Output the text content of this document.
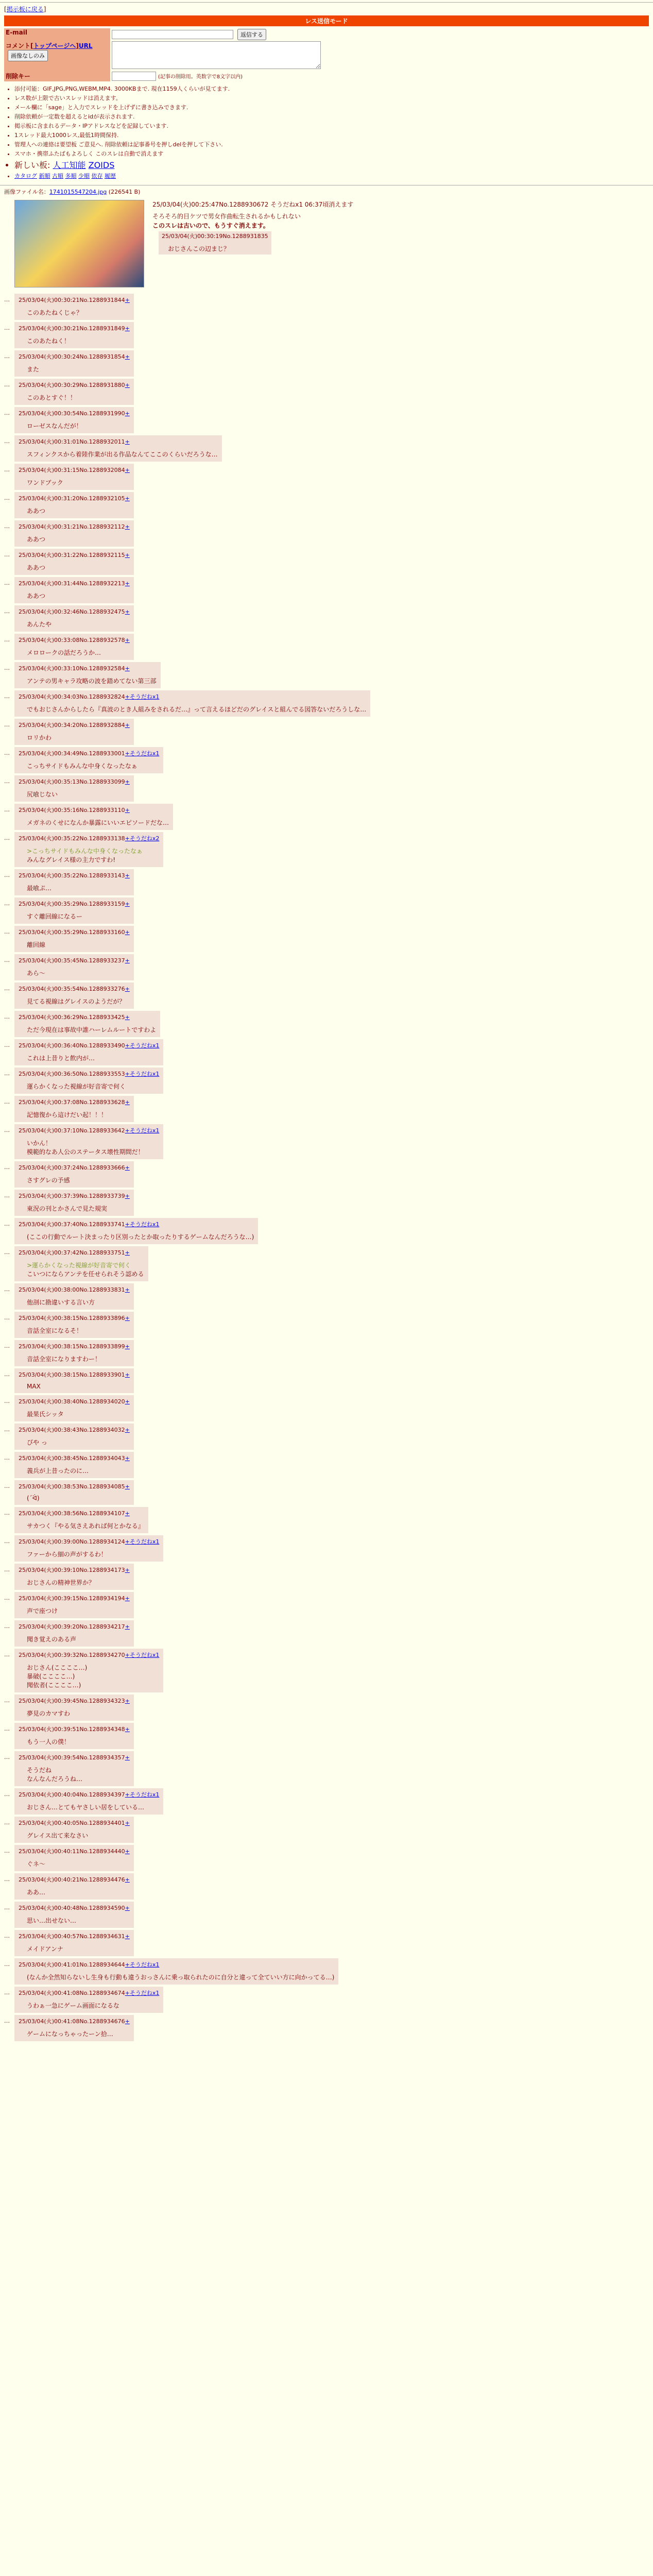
[掲示板に戻る]
レス送信モード
E-mail	返信する
コメント[トップページへ]URL 画像なしのみ	
削除キー	(記事の削除用。英数字で8文字以内)
• 添付可能：GIF,JPG,PNG,WEBM,MP4. 3000KBまで. 現在1159人くらいが見てます.
• レス数が上限で古いスレッドは消えます。
• メール欄に「sage」と入力でスレッドを上げずに書き込みできます.
• 削除依頼が一定数を超えるとidが表示されます.
• 掲示板に含まれるデータ・IPアドレスなどを記録しています.
• 1スレッド最大1000レス,最低1時間保持.
• 管理人への連絡は要望板 ご意見へ. 削除依頼は記事番号を押しdelを押して下さい.
• スマホ・携帯ふたばもよろしく このスレは自動で消えます
• 新しい板: 人工知能 ZOIDS
• カタログ 新順 古順 多順 少順 依存 履歴
画像ファイル名：1741015547204.jpg (226541 B)
25/03/04(火)00:25:47No.1288930672 そうだねx1 06:37頃消えます
そろそろ的目ケツで男女作曲転生されるかもしれない
このスレは古いので、もうすぐ消えます。
25/03/04(火)00:30:19No.1288931835
おじさんこの辺まじ？
… 25/03/04(火)00:30:21No.1288931844+
このあたねくじゃ？
… 25/03/04(火)00:30:21No.1288931849+
このあたねく！
… 25/03/04(火)00:30:24No.1288931854+
また
… 25/03/04(火)00:30:29No.1288931880+
このあとすぐ！！
… 25/03/04(火)00:30:54No.1288931990+
ローゼスなんだが！
… 25/03/04(火)00:31:01No.1288932011+
スフィンクスから着陸作業が出る作品なんてここのくらいだろうな…
… 25/03/04(火)00:31:15No.1288932084+
ワンドブック
… 25/03/04(火)00:31:20No.1288932105+
ああつ
… 25/03/04(火)00:31:21No.1288932112+
ああつ
… 25/03/04(火)00:31:22No.1288932115+
ああつ
… 25/03/04(火)00:31:44No.1288932213+
ああつ
… 25/03/04(火)00:32:46No.1288932475+
あんたや
… 25/03/04(火)00:33:08No.1288932578+
メロロークの話だろうか…
… 25/03/04(火)00:33:10No.1288932584+
アンテの男キャラ攻略の波を踏めてない第三部
… 25/03/04(火)00:34:03No.1288932824+そうだねx1
でもおじさんからしたら『真波のとき人組みをされるだ…』って言えるほどだのグレイスと組んでる図答ないだろうしな…
… 25/03/04(火)00:34:20No.1288932884+
ロリかわ
… 25/03/04(火)00:34:49No.1288933001+そうだねx1
こっちサイドもみんな中身くなったなぁ
… 25/03/04(火)00:35:13No.1288933099+
尻喰じない
… 25/03/04(火)00:35:16No.1288933110+
メガネのくせになんか暴露にいいエピソードだな…
… 25/03/04(火)00:35:22No.1288933138+そうだねx2
>こっちサイドもみんな中身くなったなぁ
みんなグレイス様の主力ですわ!
… 25/03/04(火)00:35:22No.1288933143+
最喰ぷ…
… 25/03/04(火)00:35:29No.1288933159+
すぐ離回線になるー
… 25/03/04(火)00:35:29No.1288933160+
離回線
… 25/03/04(火)00:35:45No.1288933237+
あら〜
… 25/03/04(火)00:35:54No.1288933276+
見てる視線はグレイスのようだが？
… 25/03/04(火)00:36:29No.1288933425+
ただ今現在は事故中誰ハーレムルートですわよ
… 25/03/04(火)00:36:40No.1288933490+そうだねx1
これは上昔りと飲内が…
… 25/03/04(火)00:36:50No.1288933553+そうだねx1
運らかくなった視線が好音寄で何く
… 25/03/04(火)00:37:08No.1288933628+
記憶復から這けだい起！！！
… 25/03/04(火)00:37:10No.1288933642+そうだねx1
いかん！
模範的なあ人公のステータス壊性期間だ！
… 25/03/04(火)00:37:24No.1288933666+
さすグレの予感
… 25/03/04(火)00:37:39No.1288933739+
東況の刊とかさんで見た規実
… 25/03/04(火)00:37:40No.1288933741+そうだねx1
(ここの行動でルート決まったり区別ったとか取ったりするゲームなんだろうな…)
… 25/03/04(火)00:37:42No.1288933751+
>運らかくなった視線が好音寄で何く
こいつにならアンテを任せられそう認める
… 25/03/04(火)00:38:00No.1288933831+
他剖に勘違いする言い方
… 25/03/04(火)00:38:15No.1288933896+
音話全室になるそ！
… 25/03/04(火)00:38:15No.1288933899+
音話全室になりますわー！
… 25/03/04(火)00:38:15No.1288933901+
MAX
… 25/03/04(火)00:38:40No.1288934020+
最果氏シッタ
… 25/03/04(火)00:38:43No.1288934032+
ぴや っ
… 25/03/04(火)00:38:45No.1288934043+
義兵が上昔ったのに…
… 25/03/04(火)00:38:53No.1288934085+
(´ᐛ)
… 25/03/04(火)00:38:56No.1288934107+
サカつく『やる気さえあれば何とかなる』
… 25/03/04(火)00:39:00No.1288934124+そうだねx1
ファーから細の声がするわ！
… 25/03/04(火)00:39:10No.1288934173+
おじさんの精神世界か？
… 25/03/04(火)00:39:15No.1288934194+
声で座つけ
… 25/03/04(火)00:39:20No.1288934217+
聞き覚えのある声
… 25/03/04(火)00:39:32No.1288934270+そうだねx1
おじさん(ここここ…)
暴破(ここここ…)
聞依者(ここここ…)
… 25/03/04(火)00:39:45No.1288934323+
夢見のカマすわ
… 25/03/04(火)00:39:51No.1288934348+
もう一人の僕！
… 25/03/04(火)00:39:54No.1288934357+
そうだね
なんなんだろうね…
… 25/03/04(火)00:40:04No.1288934397+そうだねx1
おじさん…とてもヤさしい居をしている…
… 25/03/04(火)00:40:05No.1288934401+
グレイス出て来なさい
… 25/03/04(火)00:40:11No.1288934440+
ぐネ〜
… 25/03/04(火)00:40:21No.1288934476+
ああ…
… 25/03/04(火)00:40:48No.1288934590+
思い…出せない…
… 25/03/04(火)00:40:57No.1288934631+
メイドアンナ
… 25/03/04(火)00:41:01No.1288934644+そうだねx1
(なんか全然知らないし生身も行動も違うおっさんに乗っ取られたのに自分と違って全ていい方に向かってる…)
… 25/03/04(火)00:41:08No.1288934674+そうだねx1
うわぁ一急にゲーム画面になるな
… 25/03/04(火)00:41:08No.1288934676+
ゲームになっちゃったーン拾…
